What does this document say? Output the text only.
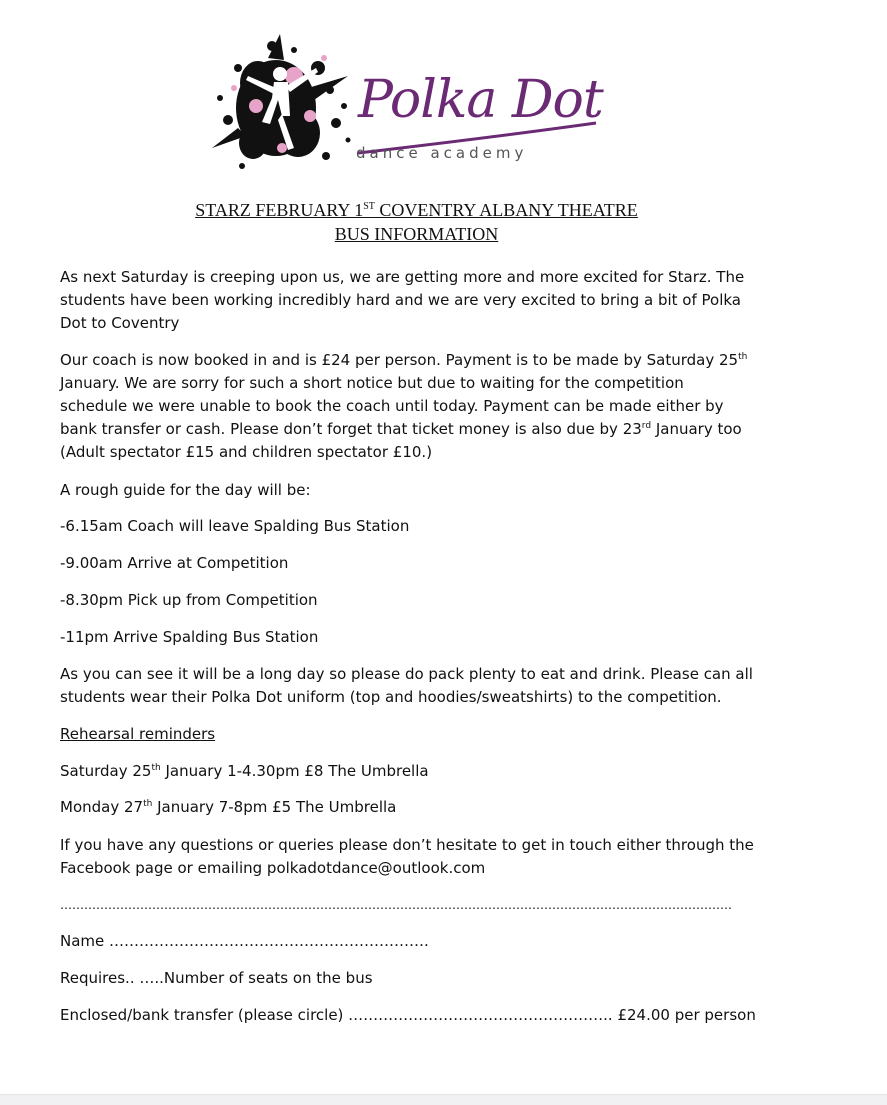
Polka Dot
dance academy
STARZ FEBRUARY 1ST COVENTRY ALBANY THEATRE
BUS INFORMATION
As next Saturday is creeping upon us, we are getting more and more excited for Starz. The
students have been working incredibly hard and we are very excited to bring a bit of Polka
Dot to Coventry
Our coach is now booked in and is £24 per person. Payment is to be made by Saturday 25th
January. We are sorry for such a short notice but due to waiting for the competition
schedule we were unable to book the coach until today. Payment can be made either by
bank transfer or cash. Please don’t forget that ticket money is also due by 23rd January too
(Adult spectator £15 and children spectator £10.)
A rough guide for the day will be:
-6.15am Coach will leave Spalding Bus Station
-9.00am Arrive at Competition
-8.30pm Pick up from Competition
-11pm Arrive Spalding Bus Station
As you can see it will be a long day so please do pack plenty to eat and drink. Please can all
students wear their Polka Dot uniform (top and hoodies/sweatshirts) to the competition.
Rehearsal reminders
Saturday 25th January 1-4.30pm £8 The Umbrella
Monday 27th January 7-8pm £5 The Umbrella
If you have any questions or queries please don’t hesitate to get in touch either through the
Facebook page or emailing polkadotdance@outlook.com
……………………………………………………………………………………………………………………………………………………
Name ……………………………………………………….
Requires.. …..Number of seats on the bus
Enclosed/bank transfer (please circle) …………………………………………….. £24.00 per person
